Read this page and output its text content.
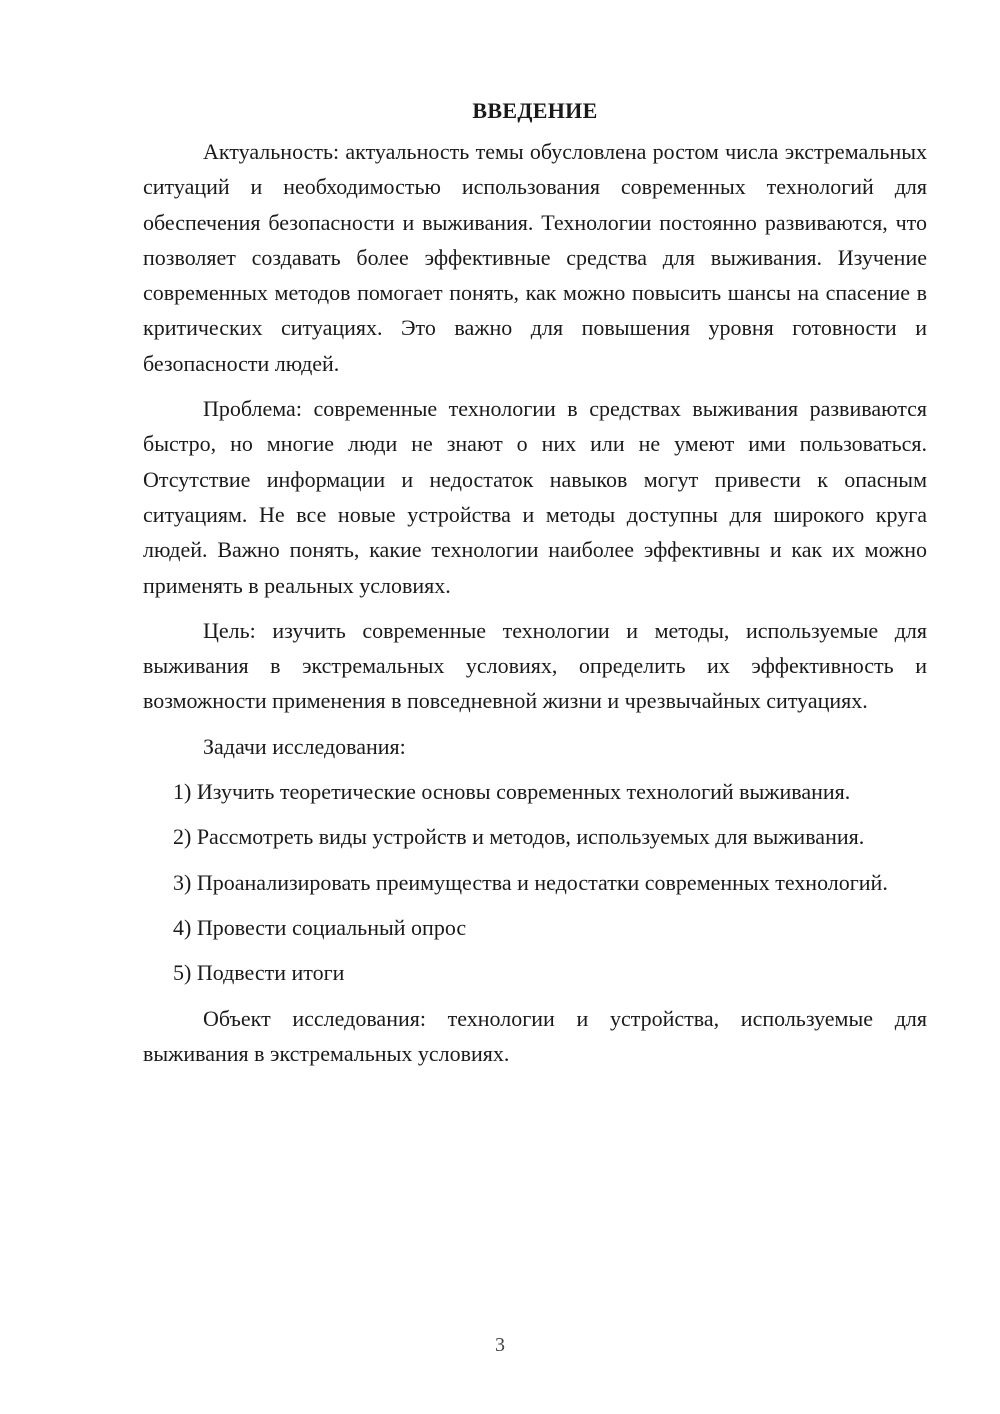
ВВЕДЕНИЕ

Актуальность: актуальность темы обусловлена ростом числа экстремальных ситуаций и необходимостью использования современных технологий для обеспечения безопасности и выживания. Технологии постоянно развиваются, что позволяет создавать более эффективные средства для выживания. Изучение современных методов помогает понять, как можно повысить шансы на спасение в критических ситуациях. Это важно для повышения уровня готовности и безопасности людей.

Проблема: современные технологии в средствах выживания развиваются быстро, но многие люди не знают о них или не умеют ими пользоваться. Отсутствие информации и недостаток навыков могут привести к опасным ситуациям. Не все новые устройства и методы доступны для широкого круга людей. Важно понять, какие технологии наиболее эффективны и как их можно применять в реальных условиях.

Цель: изучить современные технологии и методы, используемые для выживания в экстремальных условиях, определить их эффективность и возможности применения в повседневной жизни и чрезвычайных ситуациях.

Задачи исследования:

1) Изучить теоретические основы современных технологий выживания.

2) Рассмотреть виды устройств и методов, используемых для выживания.

3) Проанализировать преимущества и недостатки современных технологий.

4) Провести социальный опрос

5) Подвести итоги

Объект исследования: технологии и устройства, используемые для выживания в экстремальных условиях.

3
